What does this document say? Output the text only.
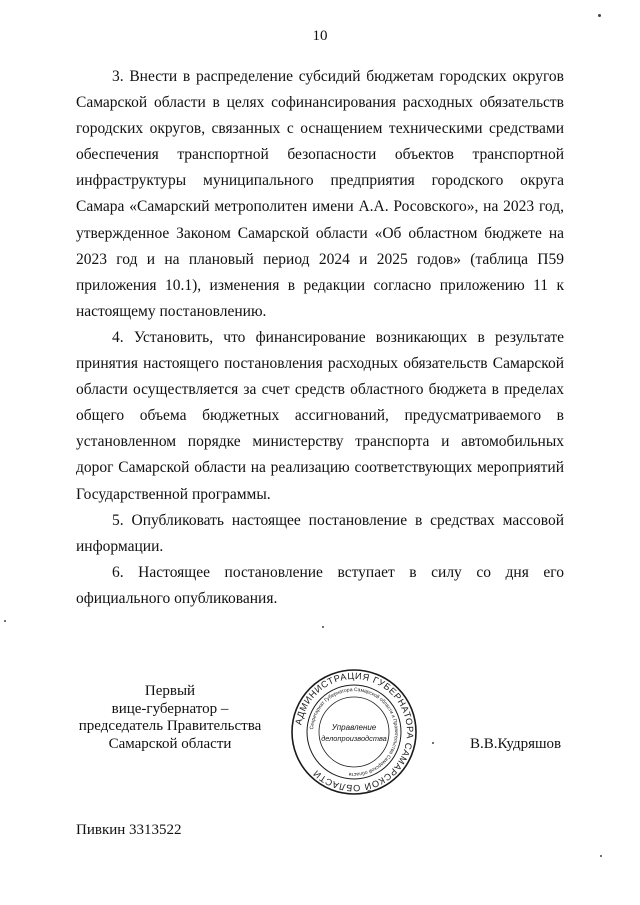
10

3. Внести в распределение субсидий бюджетам городских округов Самарской области в целях софинансирования расходных обязательств городских округов, связанных с оснащением техническими средствами обеспечения транспортной безопасности объектов транспортной инфраструктуры муниципального предприятия городского округа Самара «Самарский метрополитен имени А.А. Росовского», на 2023 год, утвержденное Законом Самарской области «Об областном бюджете на 2023 год и на плановый период 2024 и 2025 годов» (таблица П59 приложения 10.1), изменения в редакции согласно приложению 11 к настоящему постановлению.

4. Установить, что финансирование возникающих в результате принятия настоящего постановления расходных обязательств Самарской области осуществляется за счет средств областного бюджета в пределах общего объема бюджетных ассигнований, предусматриваемого в установленном порядке министерству транспорта и автомобильных дорог Самарской области на реализацию соответствующих мероприятий Государственной программы.

5. Опубликовать настоящее постановление в средствах массовой информации.

6. Настоящее постановление вступает в силу со дня его официального опубликования.

Первый
вице-губернатор –
председатель Правительства
Самарской области
АДМИНИСТРАЦИЯ ГУБЕРНАТОРА САМАРСКОЙ ОБЛАСТИ
Секретариат Губернатора Самарской области и Правительства Самарской области
Управление
делопроизводства	В.В.Кудряшов
Пивкин 3313522
